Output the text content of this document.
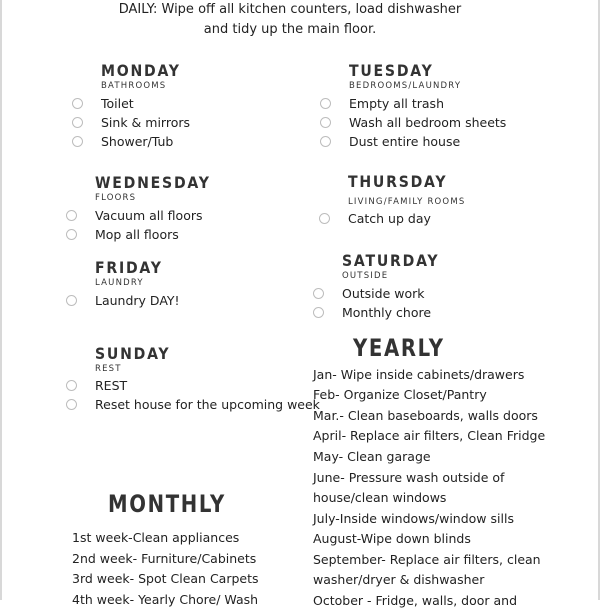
DAILY: Wipe off all kitchen counters, load dishwasher
and tidy up the main floor.
MONDAY
BATHROOMS
Toilet
Sink & mirrors
Shower/Tub
TUESDAY
BEDROOMS/LAUNDRY
Empty all trash
Wash all bedroom sheets
Dust entire house
WEDNESDAY
FLOORS
Vacuum all floors
Mop all floors
THURSDAY
LIVING/FAMILY ROOMS
Catch up day
FRIDAY
LAUNDRY
Laundry DAY!
SATURDAY
OUTSIDE
Outside work
Monthly chore
SUNDAY
REST
REST
Reset house for the upcoming week
YEARLY
Jan- Wipe inside cabinets/drawers
Feb- Organize Closet/Pantry
Mar.- Clean baseboards, walls doors
April- Replace air filters, Clean Fridge
May- Clean garage
June- Pressure wash outside of
house/clean windows
July-Inside windows/window sills
August-Wipe down blinds
September- Replace air filters, clean
washer/dryer & dishwasher
October - Fridge, walls, door and
MONTHLY
1st week-Clean appliances
2nd week- Furniture/Cabinets
3rd week- Spot Clean Carpets
4th week- Yearly Chore/ Wash
